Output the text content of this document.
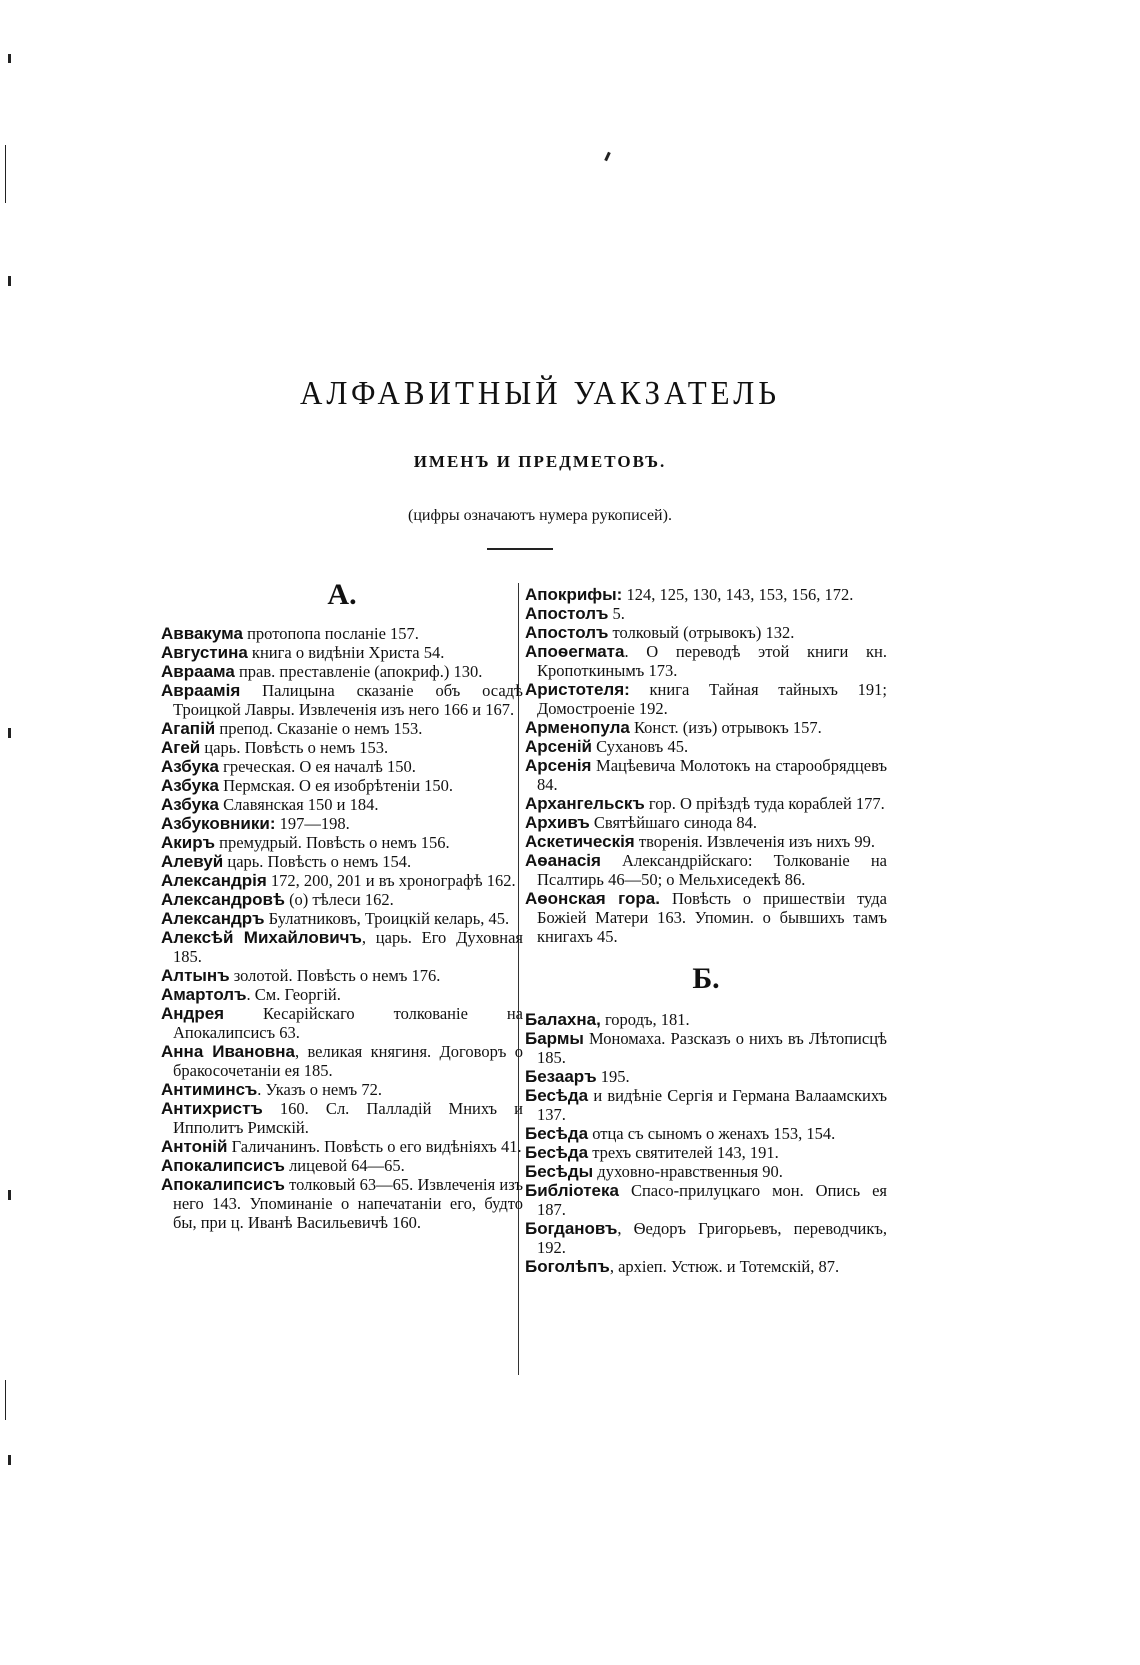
АЛФАВИТНЫЙ УАКЗАТЕЛЬ
ИМЕНЪ И ПРЕДМЕТОВЪ.
(цифры означаютъ нумера рукописей).
А.

Аввакума протопопа посланіе 157.

Августина книга о видѣніи Христа 54.

Авраама прав. преставленіе (апокриф.) 130.

Авраамія Палицына сказаніе объ осадѣ Троицкой Лавры. Извлеченія изъ него 166 и 167.

Агапій препод. Сказаніе о немъ 153.

Агей царь. Повѣсть о немъ 153.

Азбука греческая. О ея началѣ 150.

Азбука Пермская. О ея изобрѣтеніи 150.

Азбука Славянская 150 и 184.

Азбуковники: 197—198.

Акиръ премудрый. Повѣсть о немъ 156.

Алевуй царь. Повѣсть о немъ 154.

Александрія 172, 200, 201 и въ хронографѣ 162.

Александровѣ (о) тѣлеси 162.

Александръ Булатниковъ, Троицкій келарь, 45.

Алексѣй Михайловичъ, царь. Его Духовная 185.

Алтынъ золотой. Повѣсть о немъ 176.

Амартолъ. См. Георгій.

Андрея Кесарійскаго толкованіе на Апокалипсисъ 63.

Анна Ивановна, великая княгиня. Договоръ о бракосочетаніи ея 185.

Антиминсъ. Указъ о немъ 72.

Антихристъ 160. Сл. Палладій Мнихъ и Ипполитъ Римскій.

Антоній Галичанинъ. Повѣсть о его видѣніяхъ 41.

Апокалипсисъ лицевой 64—65.

Апокалипсисъ толковый 63—65. Извлеченія изъ него 143. Упоминаніе о напечатаніи его, будто бы, при ц. Иванѣ Васильевичѣ 160.

Апокрифы: 124, 125, 130, 143, 153, 156, 172.

Апостолъ 5.

Апостолъ толковый (отрывокъ) 132.

Апоѳегмата. О переводѣ этой книги кн. Кропоткинымъ 173.

Аристотеля: книга Тайная тайныхъ 191; Домостроеніе 192.

Арменопула Конст. (изъ) отрывокъ 157.

Арсеній Сухановъ 45.

Арсенія Мацѣевича Молотокъ на старообрядцевъ 84.

Архангельскъ гор. О пріѣздѣ туда кораблей 177.

Архивъ Святѣйшаго синода 84.

Аскетическія творенія. Извлеченія изъ нихъ 99.

Аѳанасія Александрійскаго: Толкованіе на Псалтирь 46—50; о Мельхиседекѣ 86.

Аѳонская гора. Повѣсть о пришествіи туда Божіей Матери 163. Упомин. о бывшихъ тамъ книгахъ 45.

Б.

Балахна, городъ, 181.

Бармы Мономаха. Разсказъ о нихъ въ Лѣтописцѣ 185.

Безааръ 195.

Бесѣда и видѣніе Сергія и Германа Валаамскихъ 137.

Бесѣда отца съ сыномъ о женахъ 153, 154.

Бесѣда трехъ святителей 143, 191.

Бесѣды духовно-нравственныя 90.

Библіотека Спасо-прилуцкаго мон. Опись ея 187.

Богдановъ, Ѳедоръ Григорьевъ, переводчикъ, 192.

Боголѣпъ, архіеп. Устюж. и Тотемскій, 87.
